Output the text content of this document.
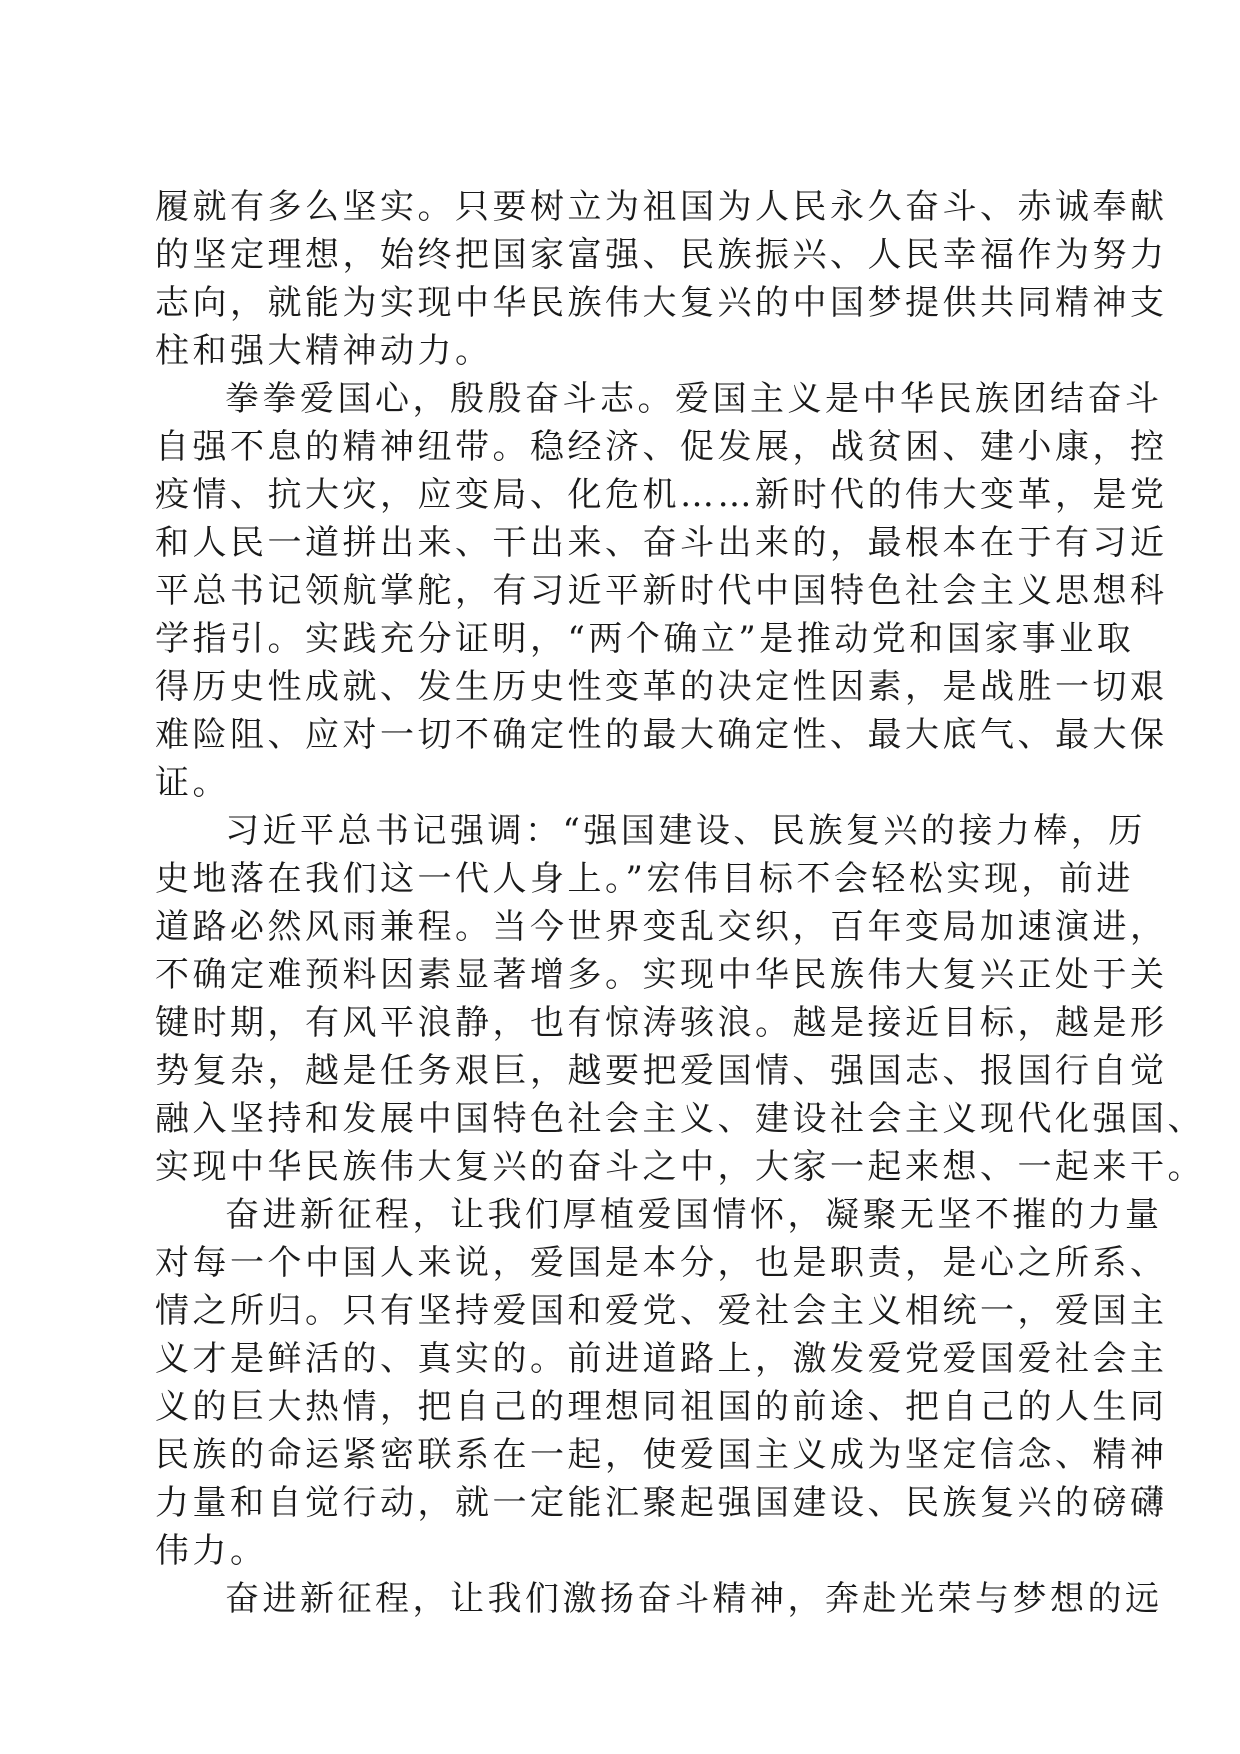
履就有多么坚实。只要树立为祖国为人民永久奋斗、赤诚奉献
的坚定理想，始终把国家富强、民族振兴、人民幸福作为努力
志向，就能为实现中华民族伟大复兴的中国梦提供共同精神支
柱和强大精神动力。
拳拳爱国心，殷殷奋斗志。爱国主义是中华民族团结奋斗
自强不息的精神纽带。稳经济、促发展，战贫困、建小康，控
疫情、抗大灾，应变局、化危机……新时代的伟大变革，是党
和人民一道拼出来、干出来、奋斗出来的，最根本在于有习近
平总书记领航掌舵，有习近平新时代中国特色社会主义思想科
学指引。实践充分证明，“两个确立”是推动党和国家事业取
得历史性成就、发生历史性变革的决定性因素，是战胜一切艰
难险阻、应对一切不确定性的最大确定性、最大底气、最大保
证。
习近平总书记强调：“强国建设、民族复兴的接力棒，历
史地落在我们这一代人身上。”宏伟目标不会轻松实现，前进
道路必然风雨兼程。当今世界变乱交织，百年变局加速演进，
不确定难预料因素显著增多。实现中华民族伟大复兴正处于关
键时期，有风平浪静，也有惊涛骇浪。越是接近目标，越是形
势复杂，越是任务艰巨，越要把爱国情、强国志、报国行自觉
融入坚持和发展中国特色社会主义、建设社会主义现代化强国、
实现中华民族伟大复兴的奋斗之中，大家一起来想、一起来干。
奋进新征程，让我们厚植爱国情怀，凝聚无坚不摧的力量
对每一个中国人来说，爱国是本分，也是职责，是心之所系、
情之所归。只有坚持爱国和爱党、爱社会主义相统一，爱国主
义才是鲜活的、真实的。前进道路上，激发爱党爱国爱社会主
义的巨大热情，把自己的理想同祖国的前途、把自己的人生同
民族的命运紧密联系在一起，使爱国主义成为坚定信念、精神
力量和自觉行动，就一定能汇聚起强国建设、民族复兴的磅礴
伟力。
奋进新征程，让我们激扬奋斗精神，奔赴光荣与梦想的远
